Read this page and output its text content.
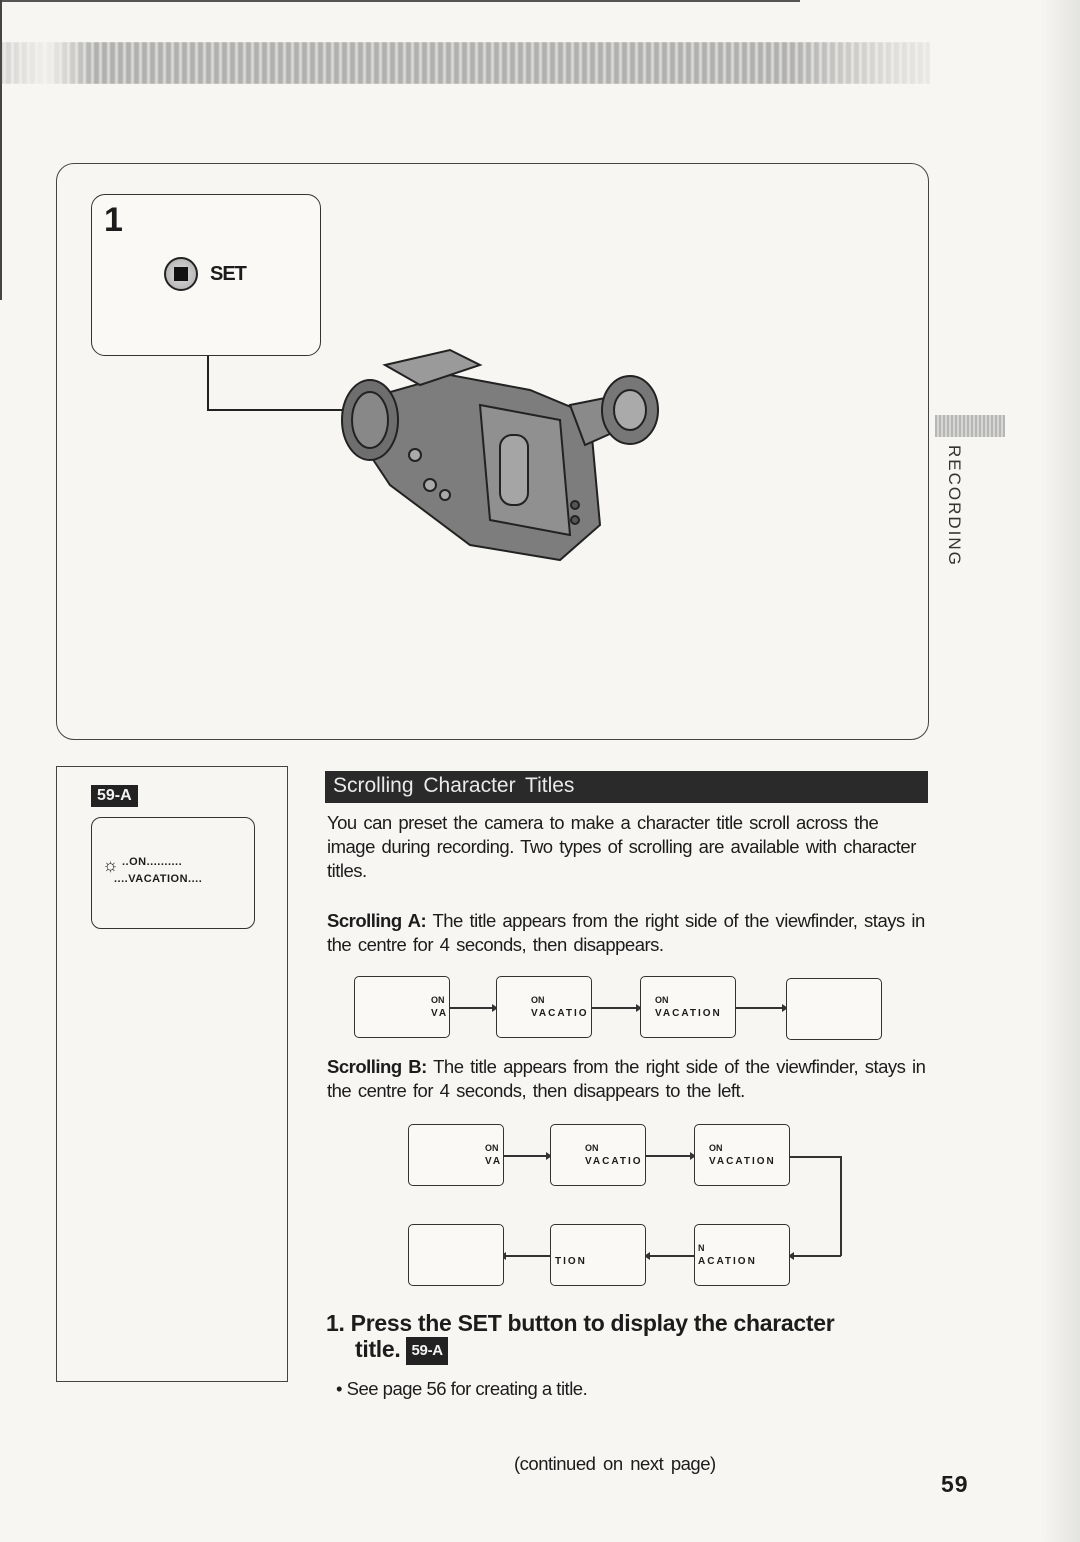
1
SET
RECORDING
59-A
☼ ..ON..........
....VACATION....
Scrolling Character Titles
You can preset the camera to make a character title scroll across the image during recording. Two types of scrolling are available with character titles.
Scrolling A: The title appears from the right side of the viewfinder, stays in the centre for 4 seconds, then disappears.
ON
VA
ON
VACATIO
ON
VACATION
Scrolling B: The title appears from the right side of the viewfinder, stays in the centre for 4 seconds, then disappears to the left.
ON
VA
ON
VACATIO
ON
VACATION
N
ACATION
TION
1. Press the SET button to display the character
title. 59-A
• See page 56 for creating a title.
(continued on next page)
59
